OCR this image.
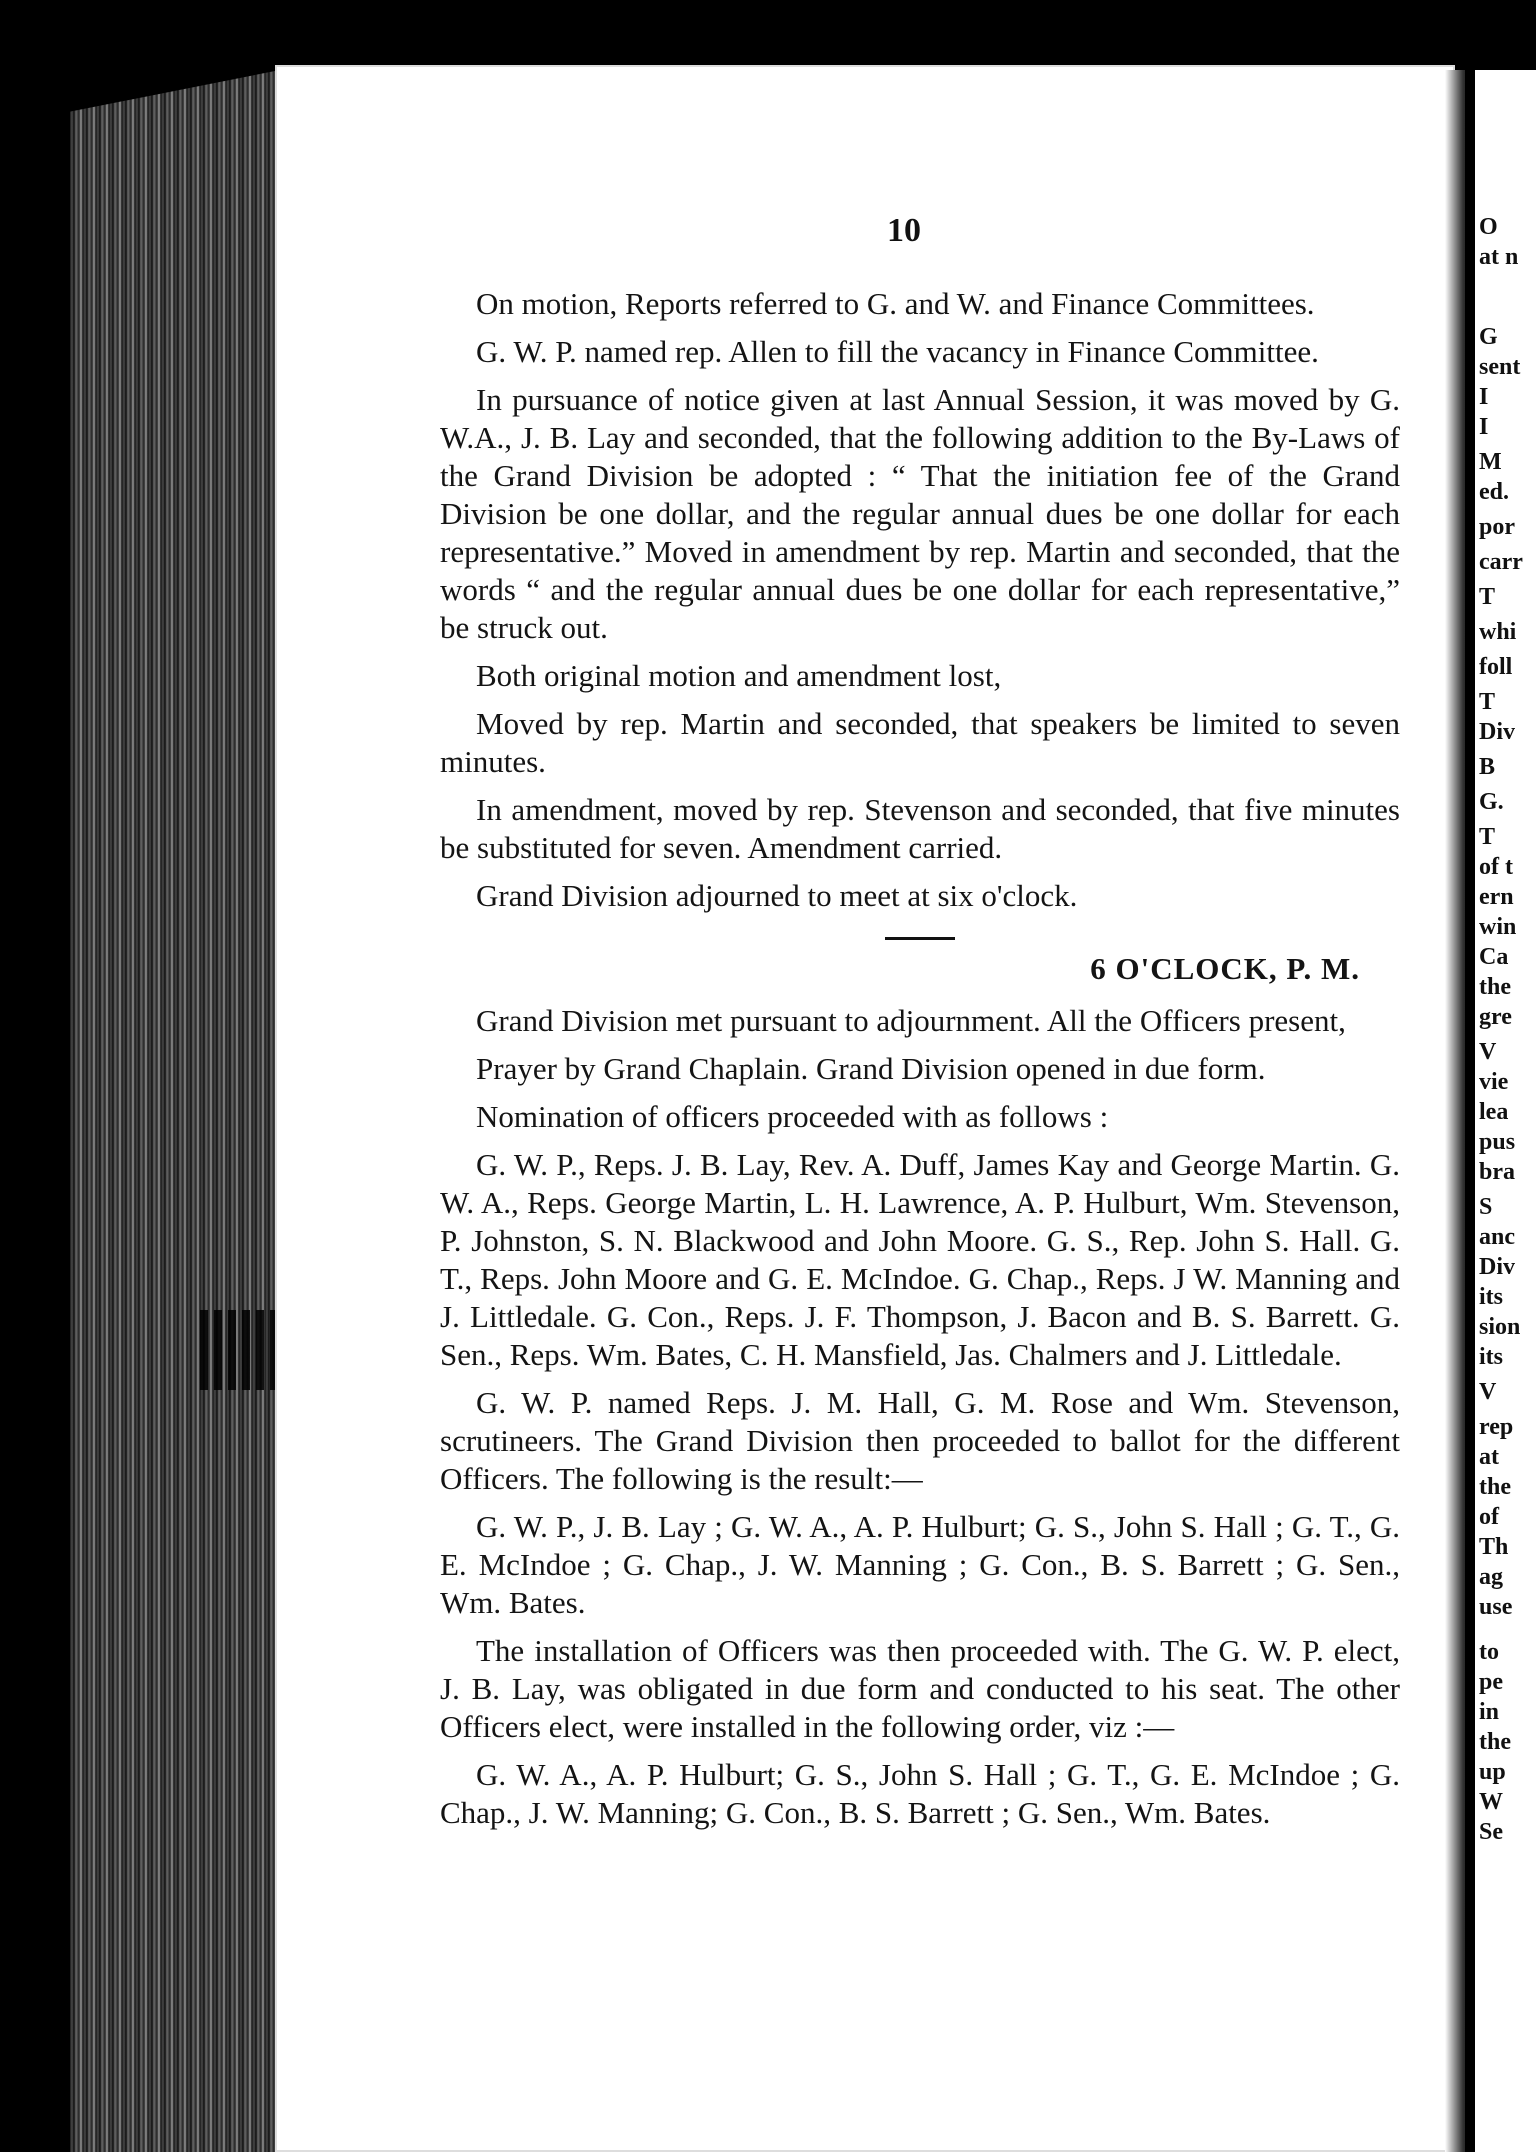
O
at n
G
sent
I
I
M
ed.
por
carr
T
whi
foll
T
Div
B
G.
T
of t
ern
win
Ca
the
gre
V
vie
lea
pus
bra
S
anc
Div
its
sion
its
V
rep
at
the
of
Th
ag
use
to
pe
in
the
up
W
Se
10

On motion, Reports referred to G. and W. and Finance Committees.

G. W. P. named rep. Allen to fill the vacancy in Finance Committee.

In pursuance of notice given at last Annual Session, it was moved by G. W.A., J. B. Lay and seconded, that the following addition to the By-Laws of the Grand Division be adopted : “ That the initiation fee of the Grand Division be one dollar, and the regular annual dues be one dollar for each representative.” Moved in amendment by rep. Martin and seconded, that the words “ and the regular annual dues be one dollar for each representative,” be struck out.

Both original motion and amendment lost,

Moved by rep. Martin and seconded, that speakers be limited to seven minutes.

In amendment, moved by rep. Stevenson and seconded, that five minutes be substituted for seven. Amendment carried.

Grand Division adjourned to meet at six o'clock.

6 O'CLOCK, P. M.

Grand Division met pursuant to adjournment. All the Officers present,

Prayer by Grand Chaplain. Grand Division opened in due form.

Nomination of officers proceeded with as follows :

G. W. P., Reps. J. B. Lay, Rev. A. Duff, James Kay and George Martin. G. W. A., Reps. George Martin, L. H. Lawrence, A. P. Hulburt, Wm. Stevenson, P. Johnston, S. N. Blackwood and John Moore. G. S., Rep. John S. Hall. G. T., Reps. John Moore and G. E. McIndoe. G. Chap., Reps. J W. Manning and J. Littledale. G. Con., Reps. J. F. Thompson, J. Bacon and B. S. Barrett. G. Sen., Reps. Wm. Bates, C. H. Mansfield, Jas. Chalmers and J. Littledale.

G. W. P. named Reps. J. M. Hall, G. M. Rose and Wm. Stevenson, scrutineers. The Grand Division then proceeded to ballot for the different Officers. The following is the result:—

G. W. P., J. B. Lay ; G. W. A., A. P. Hulburt; G. S., John S. Hall ; G. T., G. E. McIndoe ; G. Chap., J. W. Manning ; G. Con., B. S. Barrett ; G. Sen., Wm. Bates.

The installation of Officers was then proceeded with. The G. W. P. elect, J. B. Lay, was obligated in due form and conducted to his seat. The other Officers elect, were installed in the following order, viz :—

G. W. A., A. P. Hulburt; G. S., John S. Hall ; G. T., G. E. McIndoe ; G. Chap., J. W. Manning; G. Con., B. S. Barrett ; G. Sen., Wm. Bates.
